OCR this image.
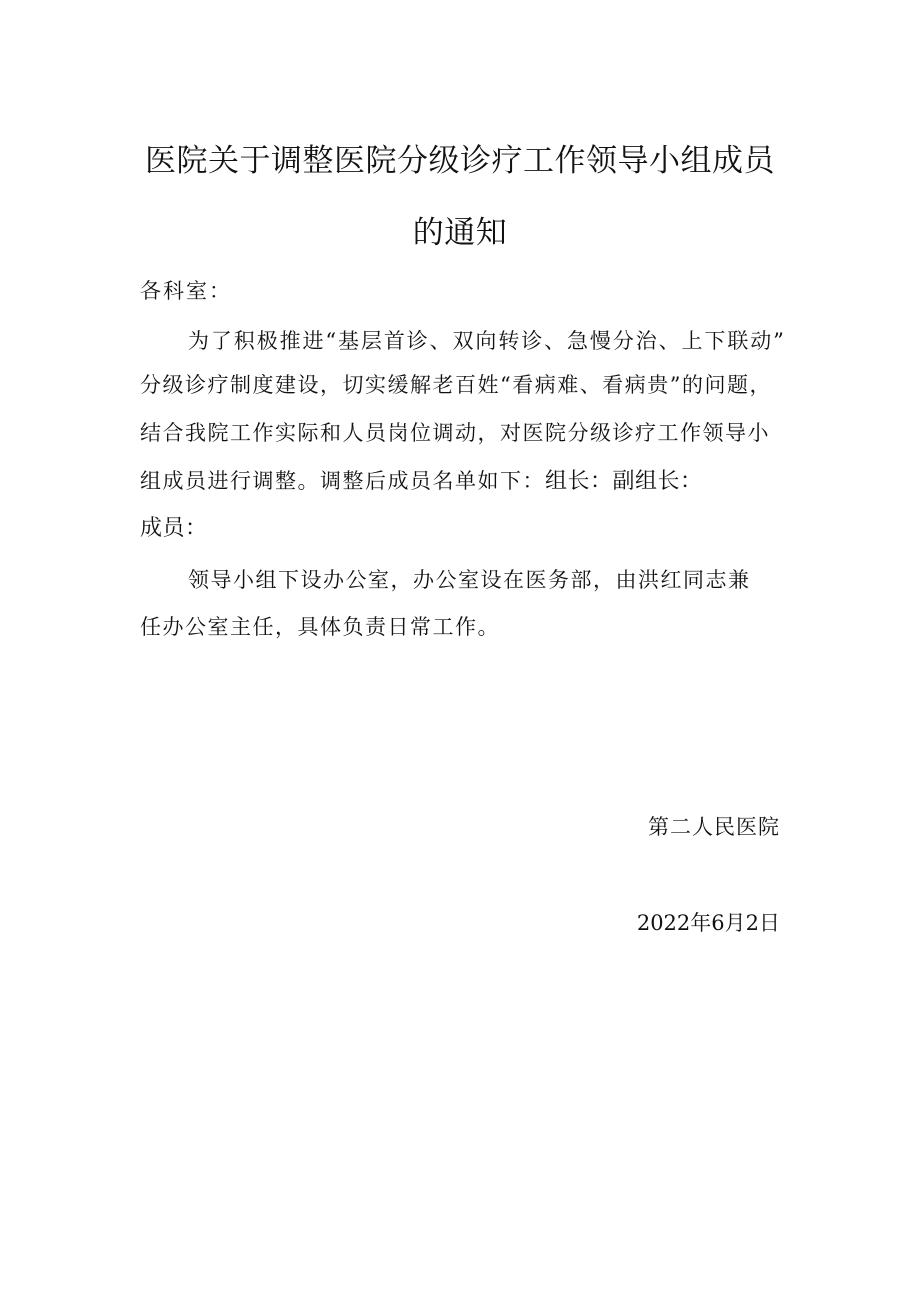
医院关于调整医院分级诊疗工作领导小组成员
的通知

各科室：

为了积极推进“基层首诊、双向转诊、急慢分治、上下联动”

分级诊疗制度建设，切实缓解老百姓“看病难、看病贵”的问题，

结合我院工作实际和人员岗位调动，对医院分级诊疗工作领导小

组成员进行调整。调整后成员名单如下：组长：副组长：

成员：

领导小组下设办公室，办公室设在医务部，由洪红同志兼

任办公室主任，具体负责日常工作。

第二人民医院

2022年6月2日
